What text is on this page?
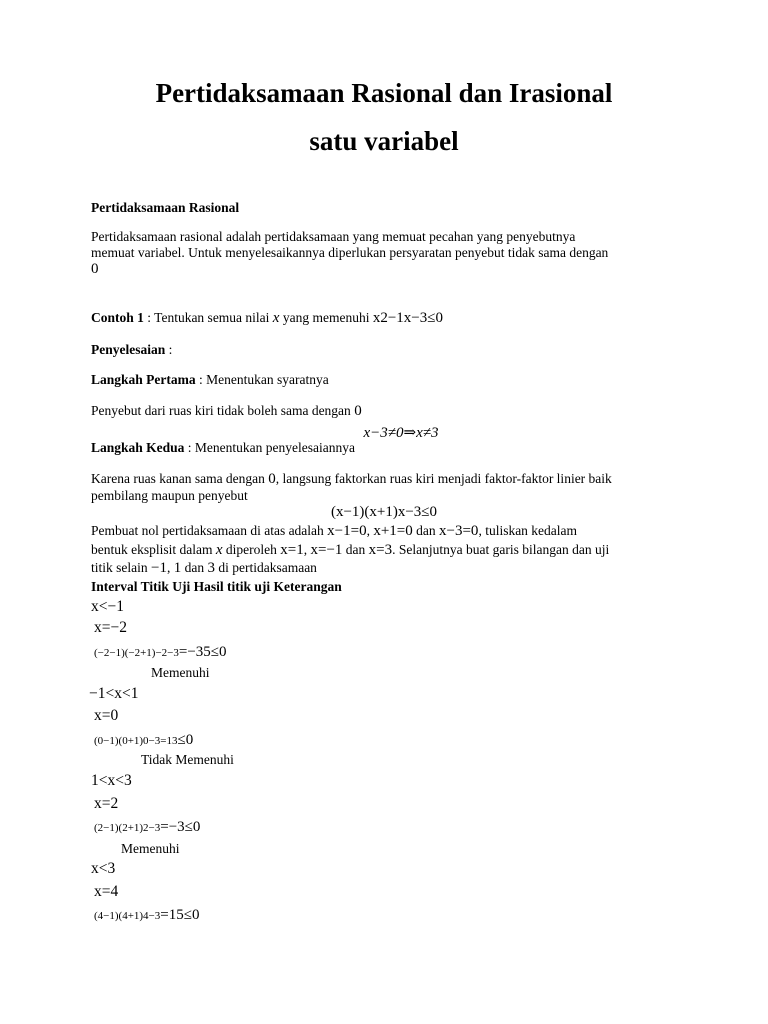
Pertidaksamaan Rasional dan Irasional
satu variabel

Pertidaksamaan Rasional

Pertidaksamaan rasional adalah pertidaksamaan yang memuat pecahan yang penyebutnya

memuat variabel. Untuk menyelesaikannya diperlukan persyaratan penyebut tidak sama dengan

0

Contoh 1 : Tentukan semua nilai x yang memenuhi x2−1x−3≤0

Penyelesaian :

Langkah Pertama : Menentukan syaratnya

Penyebut dari ruas kiri tidak boleh sama dengan 0

x−3≠0⇒x≠3

Langkah Kedua : Menentukan penyelesaiannya

Karena ruas kanan sama dengan 0, langsung faktorkan ruas kiri menjadi faktor-faktor linier baik

pembilang maupun penyebut

(x−1)(x+1)x−3≤0

Pembuat nol pertidaksamaan di atas adalah x−1=0, x+1=0 dan x−3=0, tuliskan kedalam

bentuk eksplisit dalam x diperoleh x=1, x=−1 dan x=3. Selanjutnya buat garis bilangan dan uji

titik selain −1, 1 dan 3 di pertidaksamaan

Interval Titik Uji Hasil titik uji Keterangan

x<−1

x=−2

(−2−1)(−2+1)−2−3=−35≤0

Memenuhi

−1<x<1

x=0

(0−1)(0+1)0−3=13≤0

Tidak Memenuhi

1<x<3

x=2

(2−1)(2+1)2−3=−3≤0

Memenuhi

x<3

x=4

(4−1)(4+1)4−3=15≤0
